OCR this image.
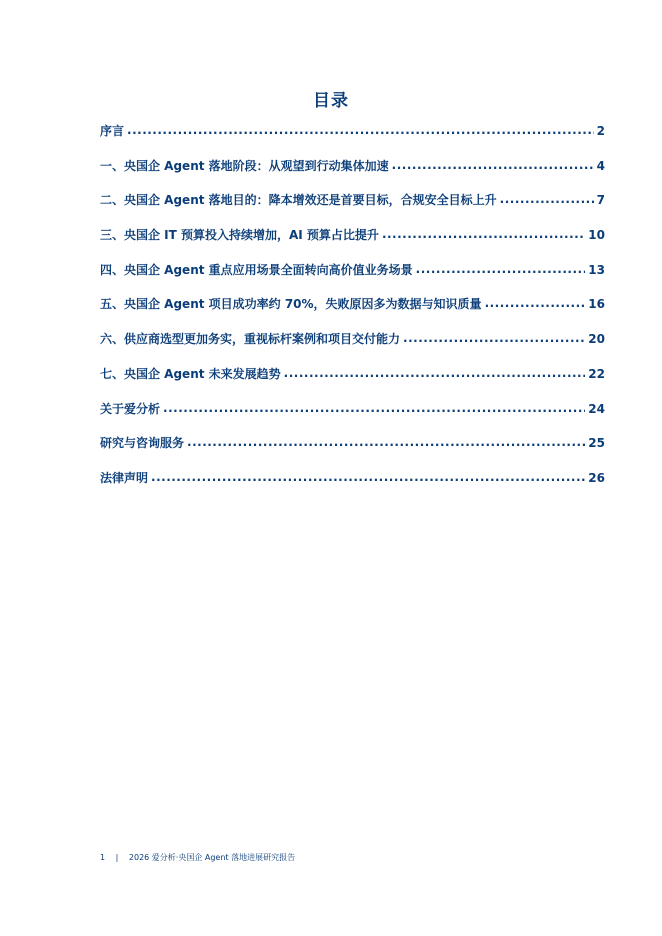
目录
序言 .....	2
一、央国企 Agent 落地阶段：从观望到行动集体加速 .....	4
二、央国企 Agent 落地目的：降本增效还是首要目标，合规安全目标上升 .....	7
三、央国企 IT 预算投入持续增加，AI 预算占比提升 .....	10
四、央国企 Agent 重点应用场景全面转向高价值业务场景 .....	13
五、央国企 Agent 项目成功率约 70%，失败原因多为数据与知识质量 .....	16
六、供应商选型更加务实，重视标杆案例和项目交付能力 .....	20
七、央国企 Agent 未来发展趋势 .....	22
关于爱分析 .....	24
研究与咨询服务 .....	25
法律声明 .....	26
1 | 2026 爱分析·央国企 Agent 落地进展研究报告
